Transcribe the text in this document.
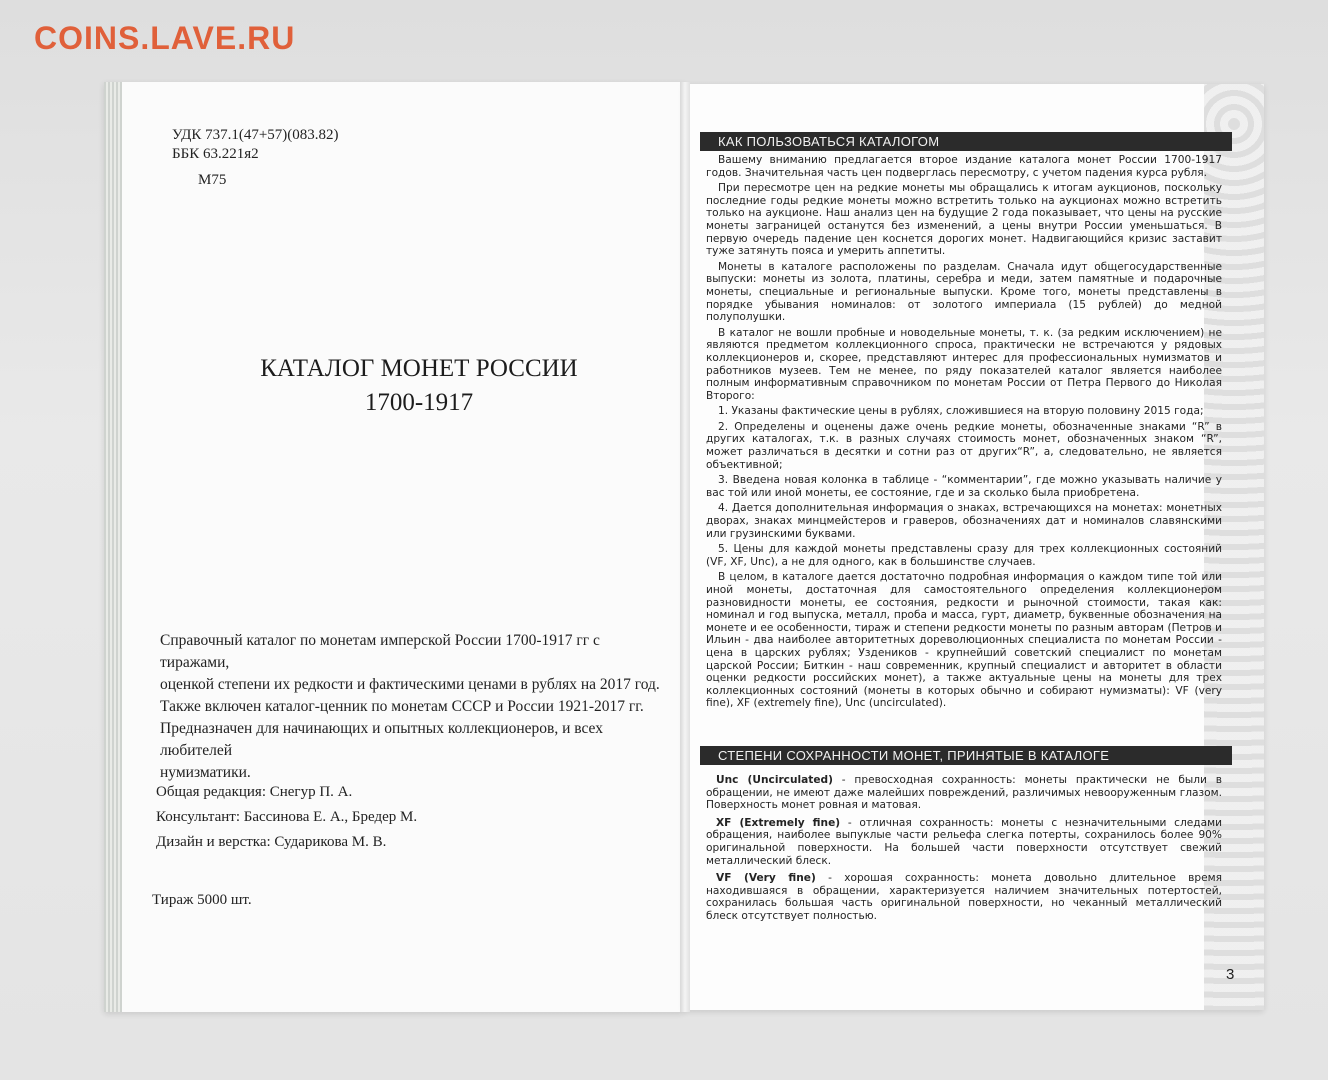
COINS.LAVE.RU
УДК 737.1(47+57)(083.82)
ББК 63.221я2
М75
КАТАЛОГ МОНЕТ РОССИИ
1700-1917
Справочный каталог по монетам имперской России 1700-1917 гг с тиражами,
оценкой степени их редкости и фактическими ценами в рублях на 2017 год.
Также включен каталог-ценник по монетам СССР и России 1921-2017 гг.
Предназначен для начинающих и опытных коллекционеров, и всех любителей
нумизматики.
Общая редакция: Снегур П. А.
Консультант: Бассинова Е. А., Бредер М.
Дизайн и верстка: Сударикова М. В.
Тираж 5000 шт.
КАК ПОЛЬЗОВАТЬСЯ КАТАЛОГОМ

Вашему вниманию предлагается второе издание каталога монет России 1700-1917 годов. Значительная часть цен подверглась пересмотру, с учетом падения курса рубля.

При пересмотре цен на редкие монеты мы обращались к итогам аукционов, поскольку последние годы редкие монеты можно встретить только на аукционах можно встретить только на аукционе. Наш анализ цен на будущие 2 года показывает, что цены на русские монеты заграницей останутся без изменений, а цены внутри России уменьшаться. В первую очередь падение цен коснется дорогих монет. Надвигающийся кризис заставит туже затянуть пояса и умерить аппетиты.

Монеты в каталоге расположены по разделам. Сначала идут общегосударственные выпуски: монеты из золота, платины, серебра и меди, затем памятные и подарочные монеты, специальные и региональные выпуски. Кроме того, монеты представлены в порядке убывания номиналов: от золотого империала (15 рублей) до медной полуполушки.

В каталог не вошли пробные и новодельные монеты, т. к. (за редким исключением) не являются предметом коллекционного спроса, практически не встречаются у рядовых коллекционеров и, скорее, представляют интерес для профессиональных нумизматов и работников музеев. Тем не менее, по ряду показателей каталог является наиболее полным информативным справочником по монетам России от Петра Первого до Николая Второго:

1. Указаны фактические цены в рублях, сложившиеся на вторую половину 2015 года;

2. Определены и оценены даже очень редкие монеты, обозначенные знаками “R” в других каталогах, т.к. в разных случаях стоимость монет, обозначенных знаком “R”, может различаться в десятки и сотни раз от других“R”, а, следовательно, не является объективной;

3. Введена новая колонка в таблице - “комментарии”, где можно указывать наличие у вас той или иной монеты, ее состояние, где и за сколько была приобретена.

4. Дается дополнительная информация о знаках, встречающихся на монетах: монетных дворах, знаках минцмейстеров и граверов, обозначениях дат и номиналов славянскими или грузинскими буквами.

5. Цены для каждой монеты представлены сразу для трех коллекционных состояний (VF, XF, Unc), а не для одного, как в большинстве случаев.

В целом, в каталоге дается достаточно подробная информация о каждом типе той или иной монеты, достаточная для самостоятельного определения коллекционером разновидности монеты, ее состояния, редкости и рыночной стоимости, такая как: номинал и год выпуска, металл, проба и масса, гурт, диаметр, буквенные обозначения на монете и ее особенности, тираж и степени редкости монеты по разным авторам (Петров и Ильин - два наиболее авторитетных дореволюционных специалиста по монетам России - цена в царских рублях; Уздеников - крупнейший советский специалист по монетам царской России; Биткин - наш современник, крупный специалист и авторитет в области оценки редкости российских монет), а также актуальные цены на монеты для трех коллекционных состояний (монеты в которых обычно и собирают нумизматы): VF (very fine), XF (extremely fine), Unc (uncirculated).

СТЕПЕНИ СОХРАННОСТИ МОНЕТ, ПРИНЯТЫЕ В КАТАЛОГЕ

Unc (Uncirculated) - превосходная сохранность: монеты практически не были в обращении, не имеют даже малейших повреждений, различимых невооруженным глазом. Поверхность монет ровная и матовая.

XF (Extremely fine) - отличная сохранность: монеты с незначительными следами обращения, наиболее выпуклые части рельефа слегка потерты, сохранилось более 90% оригинальной поверхности. На большей части поверхности отсутствует свежий металлический блеск.

VF (Very fine) - хорошая сохранность: монета довольно длительное время находившаяся в обращении, характеризуется наличием значительных потертостей, сохранилась большая часть оригинальной поверхности, но чеканный металлический блеск отсутствует полностью.

3
